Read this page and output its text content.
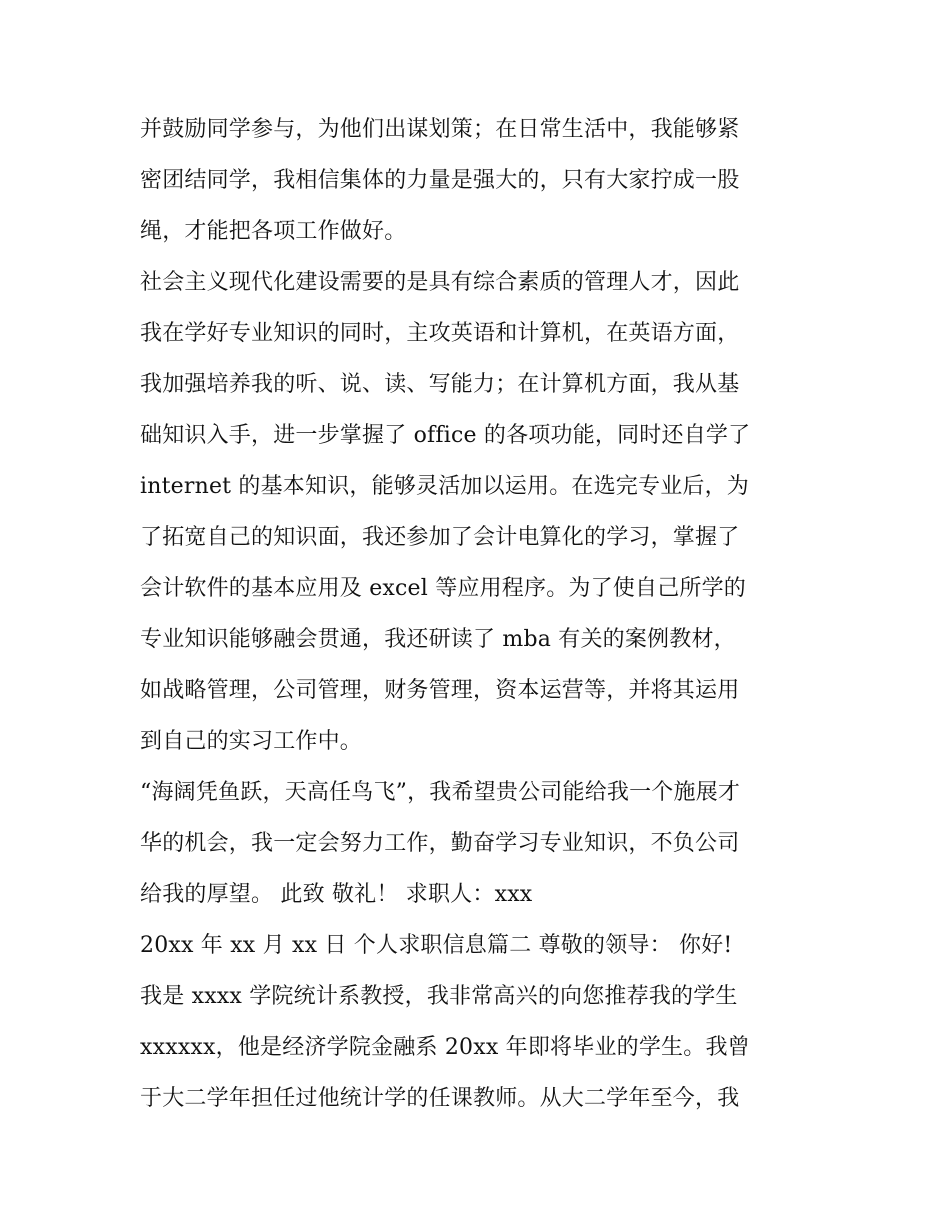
并鼓励同学参与，为他们出谋划策；在日常生活中，我能够紧
密团结同学，我相信集体的力量是强大的，只有大家拧成一股
绳，才能把各项工作做好。
社会主义现代化建设需要的是具有综合素质的管理人才，因此
我在学好专业知识的同时，主攻英语和计算机，在英语方面，
我加强培养我的听、说、读、写能力；在计算机方面，我从基
础知识入手，进一步掌握了 office 的各项功能，同时还自学了
internet 的基本知识，能够灵活加以运用。在选完专业后，为
了拓宽自己的知识面，我还参加了会计电算化的学习，掌握了
会计软件的基本应用及 excel 等应用程序。为了使自己所学的
专业知识能够融会贯通，我还研读了 mba 有关的案例教材，
如战略管理，公司管理，财务管理，资本运营等，并将其运用
到自己的实习工作中。
“海阔凭鱼跃，天高任鸟飞”，我希望贵公司能给我一个施展才
华的机会，我一定会努力工作，勤奋学习专业知识，不负公司
给我的厚望。 此致 敬礼！ 求职人：xxx
20xx 年 xx 月 xx 日 个人求职信息篇二 尊敬的领导： 你好!
我是 xxxx 学院统计系教授，我非常高兴的向您推荐我的学生
xxxxxx，他是经济学院金融系 20xx 年即将毕业的学生。我曾
于大二学年担任过他统计学的任课教师。从大二学年至今，我
